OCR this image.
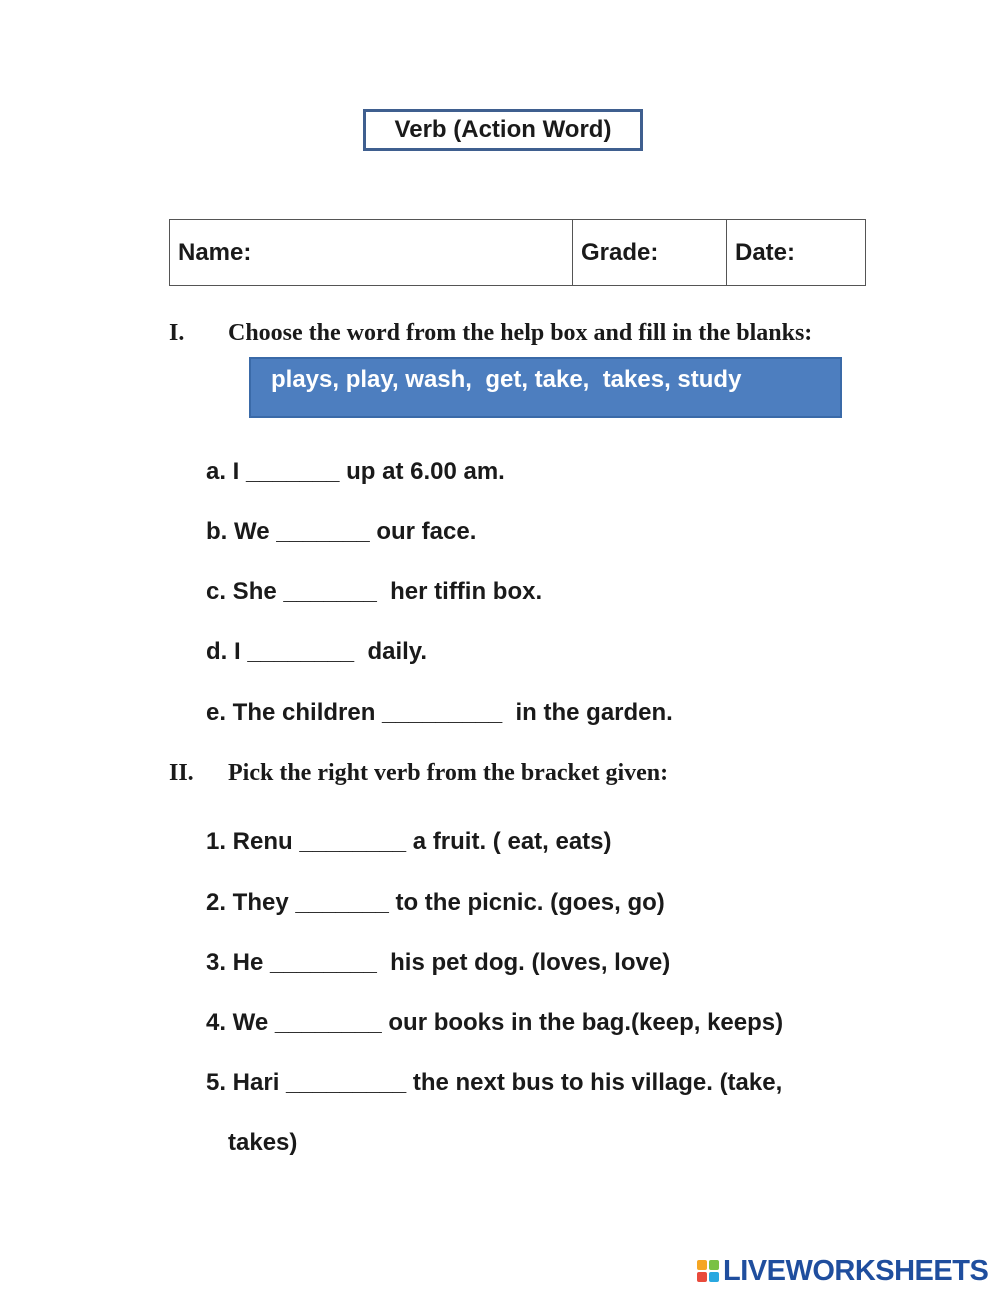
Verb (Action Word)
Name:	Grade:	Date:
I. Choose the word from the help box and fill in the blanks:
plays, play, wash,  get, take,  takes, study
a. I _______ up at 6.00 am.
b. We _______ our face.
c. She _______  her tiffin box.
d. I ________  daily.
e. The children _________  in the garden.
II. Pick the right verb from the bracket given:
1. Renu ________ a fruit. ( eat, eats)
2. They _______ to the picnic. (goes, go)
3. He ________  his pet dog. (loves, love)
4. We ________ our books in the bag.(keep, keeps)
5. Hari _________ the next bus to his village. (take,
takes)
LIVEWORKSHEETS
